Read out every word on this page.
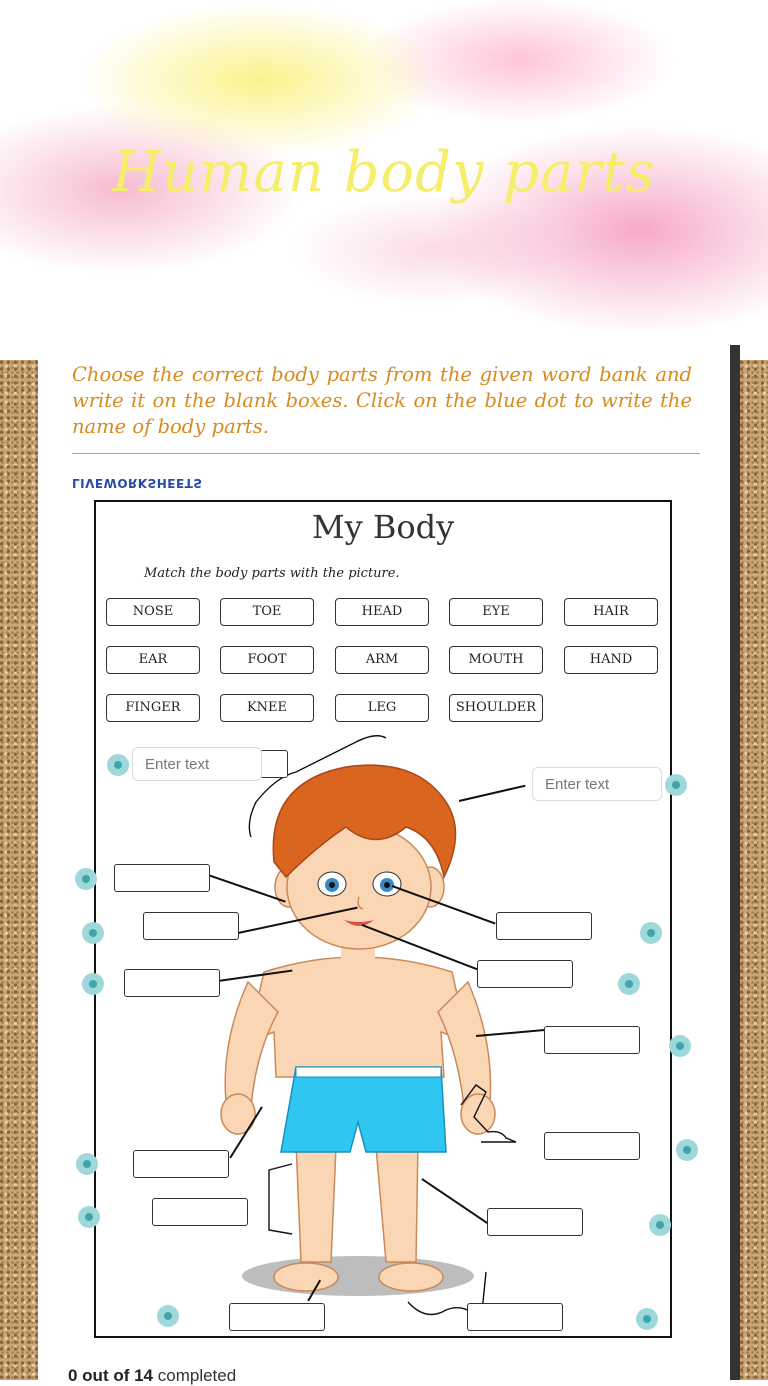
Human body parts
Choose the correct body parts from the given word bank and write it on the blank boxes. Click on the blue dot to write the name of body parts.
LIVEWORKSHEETS
My Body
Match the body parts with the picture.
NOSE	TOE	HEAD	EYE	HAIR
EAR	FOOT	ARM	MOUTH	HAND
FINGER	KNEE	LEG	SHOULDER
Enter text
Enter text
0 out of 14 completed
